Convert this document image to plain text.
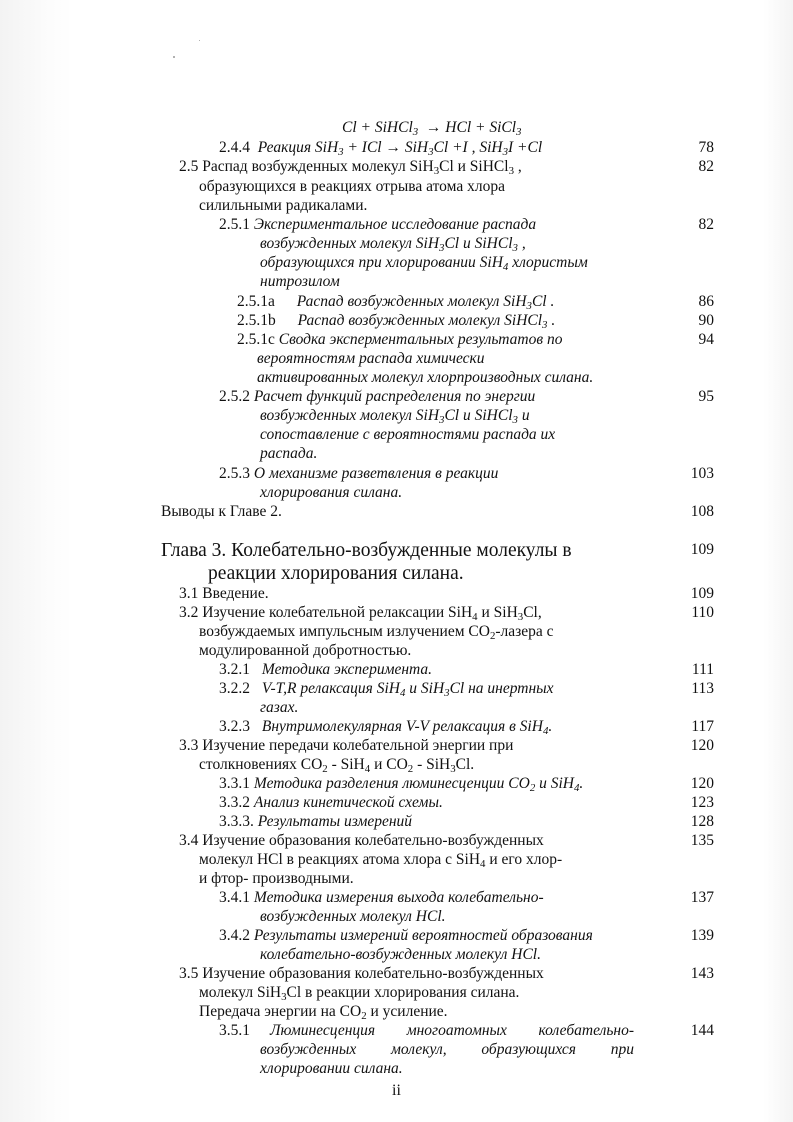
Cl + SiHCl$_3$  → HCl + SiCl$_3$
2.4.4  Реакция SiH$_3$ + ICl → SiH$_3$Cl +I , SiH$_3$I +Cl	78
2.5 Распад возбужденных молекул SiH$_3$Cl и SiHCl$_3$ ,	82
образующихся в реакциях отрыва атома хлора
силильными радикалами.
2.5.1 Экспериментальное исследование распада	82
возбужденных молекул SiH$_3$Cl и SiHCl$_3$ ,
образующихся при хлорировании SiH$_4$ хлористым
нитрозилом
2.5.1a Распад возбужденных молекул SiH$_3$Cl .	86
2.5.1b Распад возбужденных молекул SiHCl$_3$ .	90
2.5.1c Сводка эксперментальных результатов по	94
вероятностям распада химически
активированных молекул хлорпроизводных силана.
2.5.2 Расчет функций распределения по энергии	95
возбужденных молекул SiH$_3$Cl и SiHCl$_3$ и
сопоставление с вероятностями распада их
распада.
2.5.3 О механизме разветвления в реакции	103
хлорирования силана.
Выводы к Главе 2.	108
Глава 3. Колебательно-возбужденные молекулы в	109
реакции хлорирования силана.
3.1 Введение.	109
3.2 Изучение колебательной релаксации SiH$_4$ и SiH$_3$Cl,	110
возбуждаемых импульсным излучением $CO_2$-лазера с
модулированной добротностью.
3.2.1 Методика эксперимента.	111
3.2.2 V-T,R релаксация SiH$_4$ и SiH$_3$Cl на инертных	113
газах.
3.2.3 Внутримолекулярная V-V релаксация в SiH$_4$.	117
3.3 Изучение передачи колебательной энергии при	120
столкновениях $CO_2 - SiH_4$ и $CO_2 - SiH_3Cl$.
3.3.1 Методика разделения люминесценции $CO_2$ и SiH$_4$.	120
3.3.2 Анализ кинетической схемы.	123
3.3.3. Результаты измерений	128
3.4 Изучение образования колебательно-возбужденных	135
молекул HCl в реакциях атома хлора с SiH$_4$ и его хлор-
и фтор- производными.
3.4.1 Методика измерения выхода колебательно-	137
возбужденных молекул HCl.
3.4.2 Результаты измерений вероятностей образования	139
колебательно-возбужденных молекул HCl.
3.5 Изучение образования колебательно-возбужденных	143
молекул SiH$_3$Cl в реакции хлорирования силана.
Передача энергии на $CO_2$ и усиление.
3.5.1 Люминесценция многоатомных колебательно-	144
возбужденных молекул, образующихся при
хлорировании силана.
ii
